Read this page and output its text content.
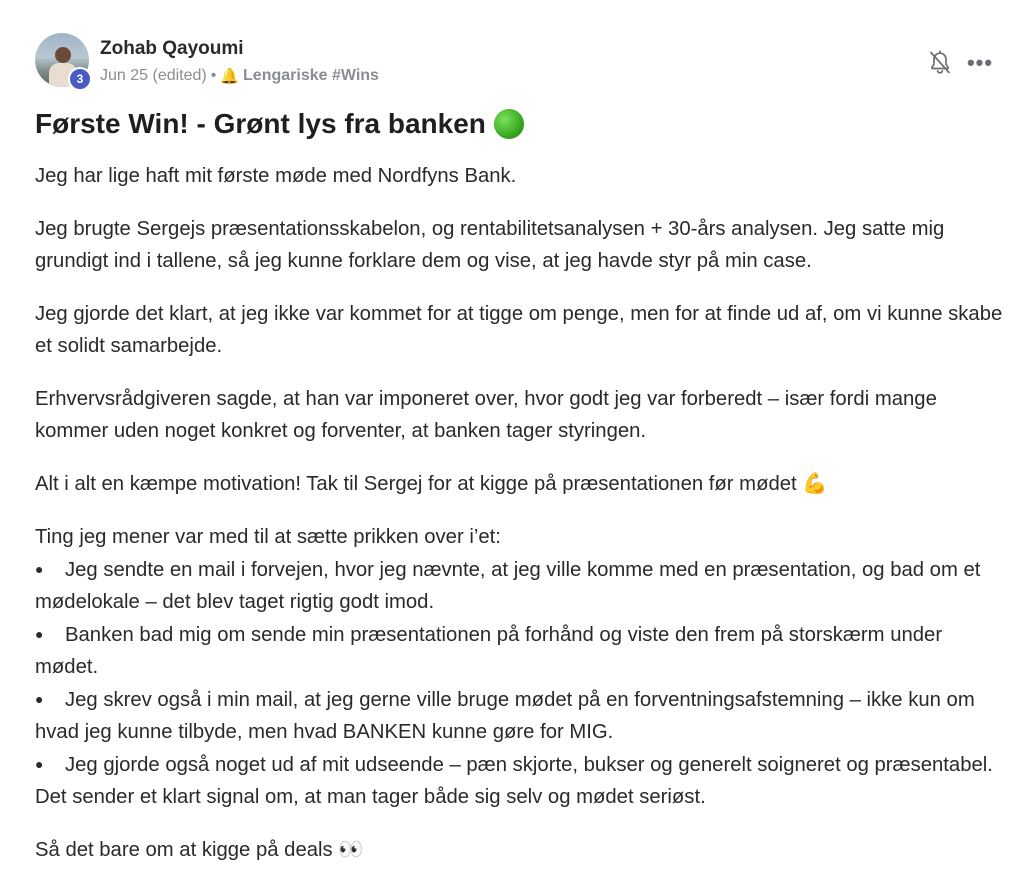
3
Zohab Qayoumi
Jun 25 (edited) • 🔔 Lengariske #Wins
•••
Første Win! - Grønt lys fra banken

Jeg har lige haft mit første møde med Nordfyns Bank.

Jeg brugte Sergejs præsentationsskabelon, og rentabilitetsanalysen + 30-års analysen. Jeg satte mig grundigt ind i tallene, så jeg kunne forklare dem og vise, at jeg havde styr på min case.

Jeg gjorde det klart, at jeg ikke var kommet for at tigge om penge, men for at finde ud af, om vi kunne skabe et solidt samarbejde.

Erhvervsrådgiveren sagde, at han var imponeret over, hvor godt jeg var forberedt – især fordi mange kommer uden noget konkret og forventer, at banken tager styringen.

Alt i alt en kæmpe motivation! Tak til Sergej for at kigge på præsentationen før mødet 💪

Ting jeg mener var med til at sætte prikken over i’et:
● Jeg sendte en mail i forvejen, hvor jeg nævnte, at jeg ville komme med en præsentation, og bad om et mødelokale – det blev taget rigtig godt imod.
● Banken bad mig om sende min præsentationen på forhånd og viste den frem på storskærm under mødet.
● Jeg skrev også i min mail, at jeg gerne ville bruge mødet på en forventningsafstemning – ikke kun om hvad jeg kunne tilbyde, men hvad BANKEN kunne gøre for MIG.
● Jeg gjorde også noget ud af mit udseende – pæn skjorte, bukser og generelt soigneret og præsentabel. Det sender et klart signal om, at man tager både sig selv og mødet seriøst.

Så det bare om at kigge på deals 👀
